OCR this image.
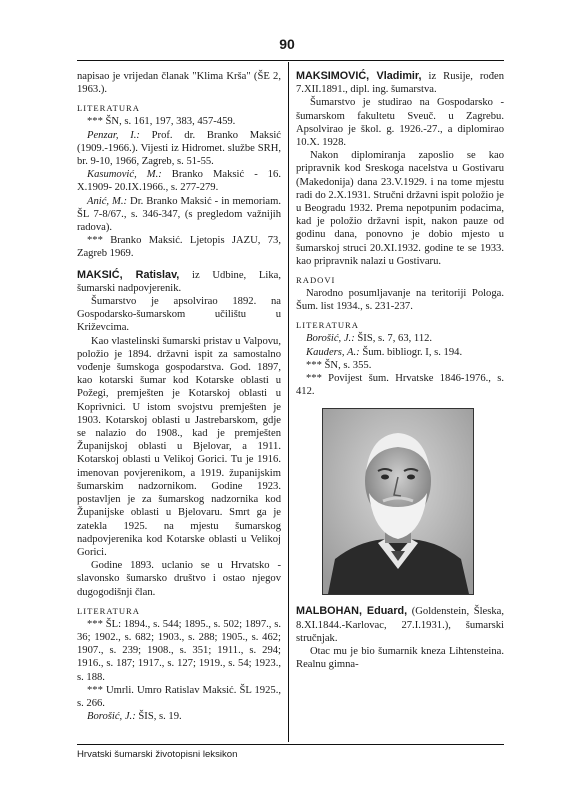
90

napisao je vrijedan članak "Klima Krša" (ŠE 2, 1963.).

LITERATURA

*** ŠN, s. 161, 197, 383, 457-459.

Penzar, I.: Prof. dr. Branko Maksić (1909.-1966.). Vijesti iz Hidromet. službe SRH, br. 9-10, 1966, Zagreb, s. 51-55.

Kasumović, M.: Branko Maksić - 16. X.1909- 20.IX.1966., s. 277-279.

Anić, M.: Dr. Branko Maksić - in memoriam. ŠL 7-8/67., s. 346-347, (s pregledom važnijih radova).

*** Branko Maksić. Ljetopis JAZU, 73, Zagreb 1969.

MAKSIĆ, Ratislav, iz Udbine, Lika, šumarski nadpovjerenik.

Šumarstvo je apsolvirao 1892. na Gospodarsko-šumarskom učilištu u Križevcima.

Kao vlastelinski šumarski pristav u Valpovu, položio je 1894. državni ispit za samostalno vođenje šumskoga gospodarstva. God. 1897, kao kotarski šumar kod Kotarske oblasti u Požegi, premješten je Kotarskoj oblasti u Koprivnici. U istom svojstvu premješten je 1903. Kotarskoj oblasti u Jastrebarskom, gdje se nalazio do 1908., kad je premješten Županijskoj oblasti u Bjelovar, a 1911. Kotarskoj oblasti u Velikoj Gorici. Tu je 1916. imenovan povjerenikom, a 1919. županijskim šumarskim nadzornikom. Godine 1923. postavljen je za šumarskog nadzornika kod Županijske oblasti u Bjelovaru. Smrt ga je zatekla 1925. na mjestu šumarskog nadpovjerenika kod Kotarske oblasti u Velikoj Gorici.

Godine 1893. uclanio se u Hrvatsko - slavonsko šumarsko društvo i ostao njegov dugogodišnji član.

LITERATURA

*** ŠL: 1894., s. 544; 1895., s. 502; 1897., s. 36; 1902., s. 682; 1903., s. 288; 1905., s. 462; 1907., s. 239; 1908., s. 351; 1911., s. 294; 1916., s. 187; 1917., s. 127; 1919., s. 54; 1923., s. 188.

*** Umrli. Umro Ratislav Maksić. ŠL 1925., s. 266.

Borošić, J.: ŠIS, s. 19.

MAKSIMOVIĆ, Vladimir, iz Rusije, rođen 7.XII.1891., dipl. ing. šumarstva.

Šumarstvo je studirao na Gospodarsko - šumarskom fakultetu Sveuč. u Zagrebu. Apsolvirao je škol. g. 1926.-27., a diplomirao 10.X. 1928.

Nakon diplomiranja zaposlio se kao pripravnik kod Sreskoga nacelstva u Gostivaru (Makedonija) dana 23.V.1929. i na tome mjestu radi do 2.X.1931. Stručni državni ispit položio je u Beogradu 1932. Prema nepotpunim podacima, kad je položio državni ispit, nakon pauze od godinu dana, ponovno je dobio mjesto u šumarskoj struci 20.XI.1932. godine te se 1933. kao pripravnik nalazi u Gostivaru.

RADOVI

Narodno posumljavanje na teritoriji Pologa. Šum. list 1934., s. 231-237.

LITERATURA

Borošić, J.: ŠIS, s. 7, 63, 112.

Kauders, A.: Šum. bibliogr. I, s. 194.

*** ŠN, s. 355.

*** Povijest šum. Hrvatske 1846-1976., s. 412.

MALBOHAN, Eduard, (Goldenstein, Šleska, 8.XI.1844.-Karlovac, 27.I.1931.), šumarski stručnjak.

Otac mu je bio šumarnik kneza Lihtensteina. Realnu gimna-

Hrvatski šumarski životopisni leksikon
